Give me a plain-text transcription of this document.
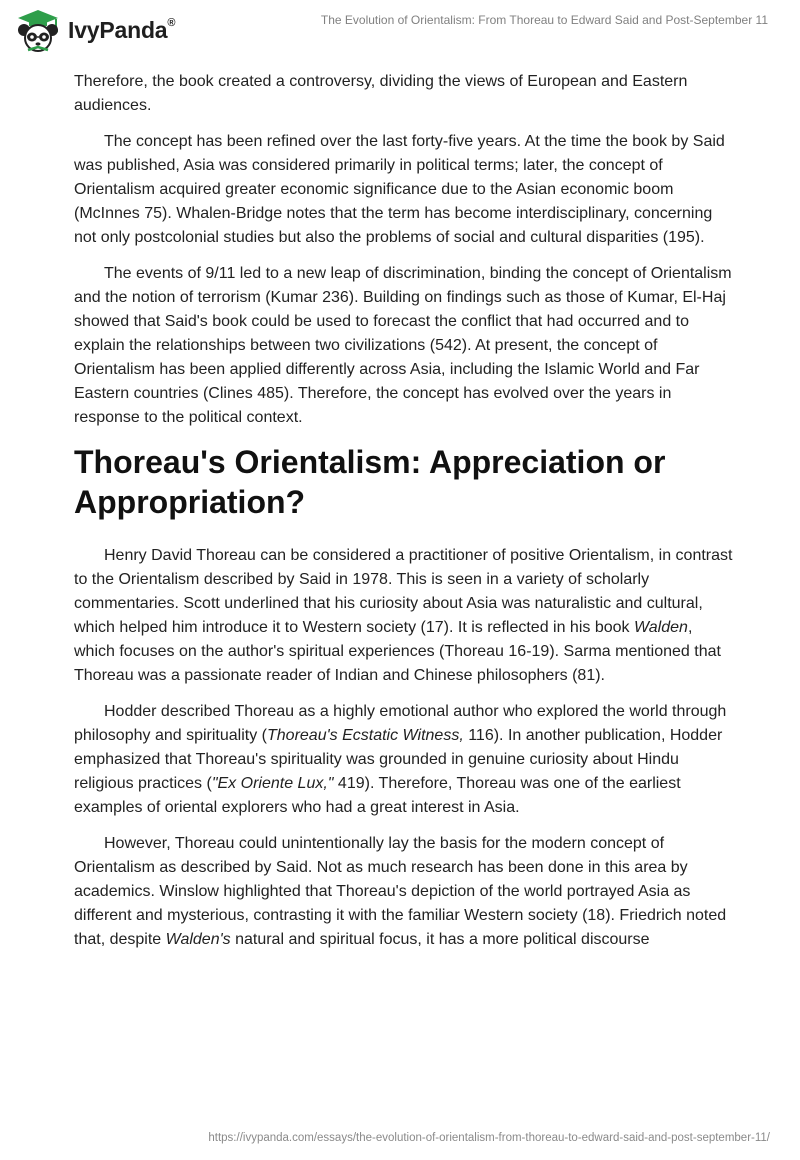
IvyPanda®	The Evolution of Orientalism: From Thoreau to Edward Said and Post-September 11

Therefore, the book created a controversy, dividing the views of European and Eastern audiences.

The concept has been refined over the last forty-five years. At the time the book by Said was published, Asia was considered primarily in political terms; later, the concept of Orientalism acquired greater economic significance due to the Asian economic boom (McInnes 75). Whalen-Bridge notes that the term has become interdisciplinary, concerning not only postcolonial studies but also the problems of social and cultural disparities (195).

The events of 9/11 led to a new leap of discrimination, binding the concept of Orientalism and the notion of terrorism (Kumar 236). Building on findings such as those of Kumar, El-Haj showed that Said's book could be used to forecast the conflict that had occurred and to explain the relationships between two civilizations (542). At present, the concept of Orientalism has been applied differently across Asia, including the Islamic World and Far Eastern countries (Clines 485). Therefore, the concept has evolved over the years in response to the political context.

Thoreau's Orientalism: Appreciation or Appropriation?

Henry David Thoreau can be considered a practitioner of positive Orientalism, in contrast to the Orientalism described by Said in 1978. This is seen in a variety of scholarly commentaries. Scott underlined that his curiosity about Asia was naturalistic and cultural, which helped him introduce it to Western society (17). It is reflected in his book Walden, which focuses on the author's spiritual experiences (Thoreau 16-19). Sarma mentioned that Thoreau was a passionate reader of Indian and Chinese philosophers (81).

Hodder described Thoreau as a highly emotional author who explored the world through philosophy and spirituality (Thoreau's Ecstatic Witness, 116). In another publication, Hodder emphasized that Thoreau's spirituality was grounded in genuine curiosity about Hindu religious practices ("Ex Oriente Lux," 419). Therefore, Thoreau was one of the earliest examples of oriental explorers who had a great interest in Asia.

However, Thoreau could unintentionally lay the basis for the modern concept of Orientalism as described by Said. Not as much research has been done in this area by academics. Winslow highlighted that Thoreau's depiction of the world portrayed Asia as different and mysterious, contrasting it with the familiar Western society (18). Friedrich noted that, despite Walden's natural and spiritual focus, it has a more political discourse

https://ivypanda.com/essays/the-evolution-of-orientalism-from-thoreau-to-edward-said-and-post-september-11/
